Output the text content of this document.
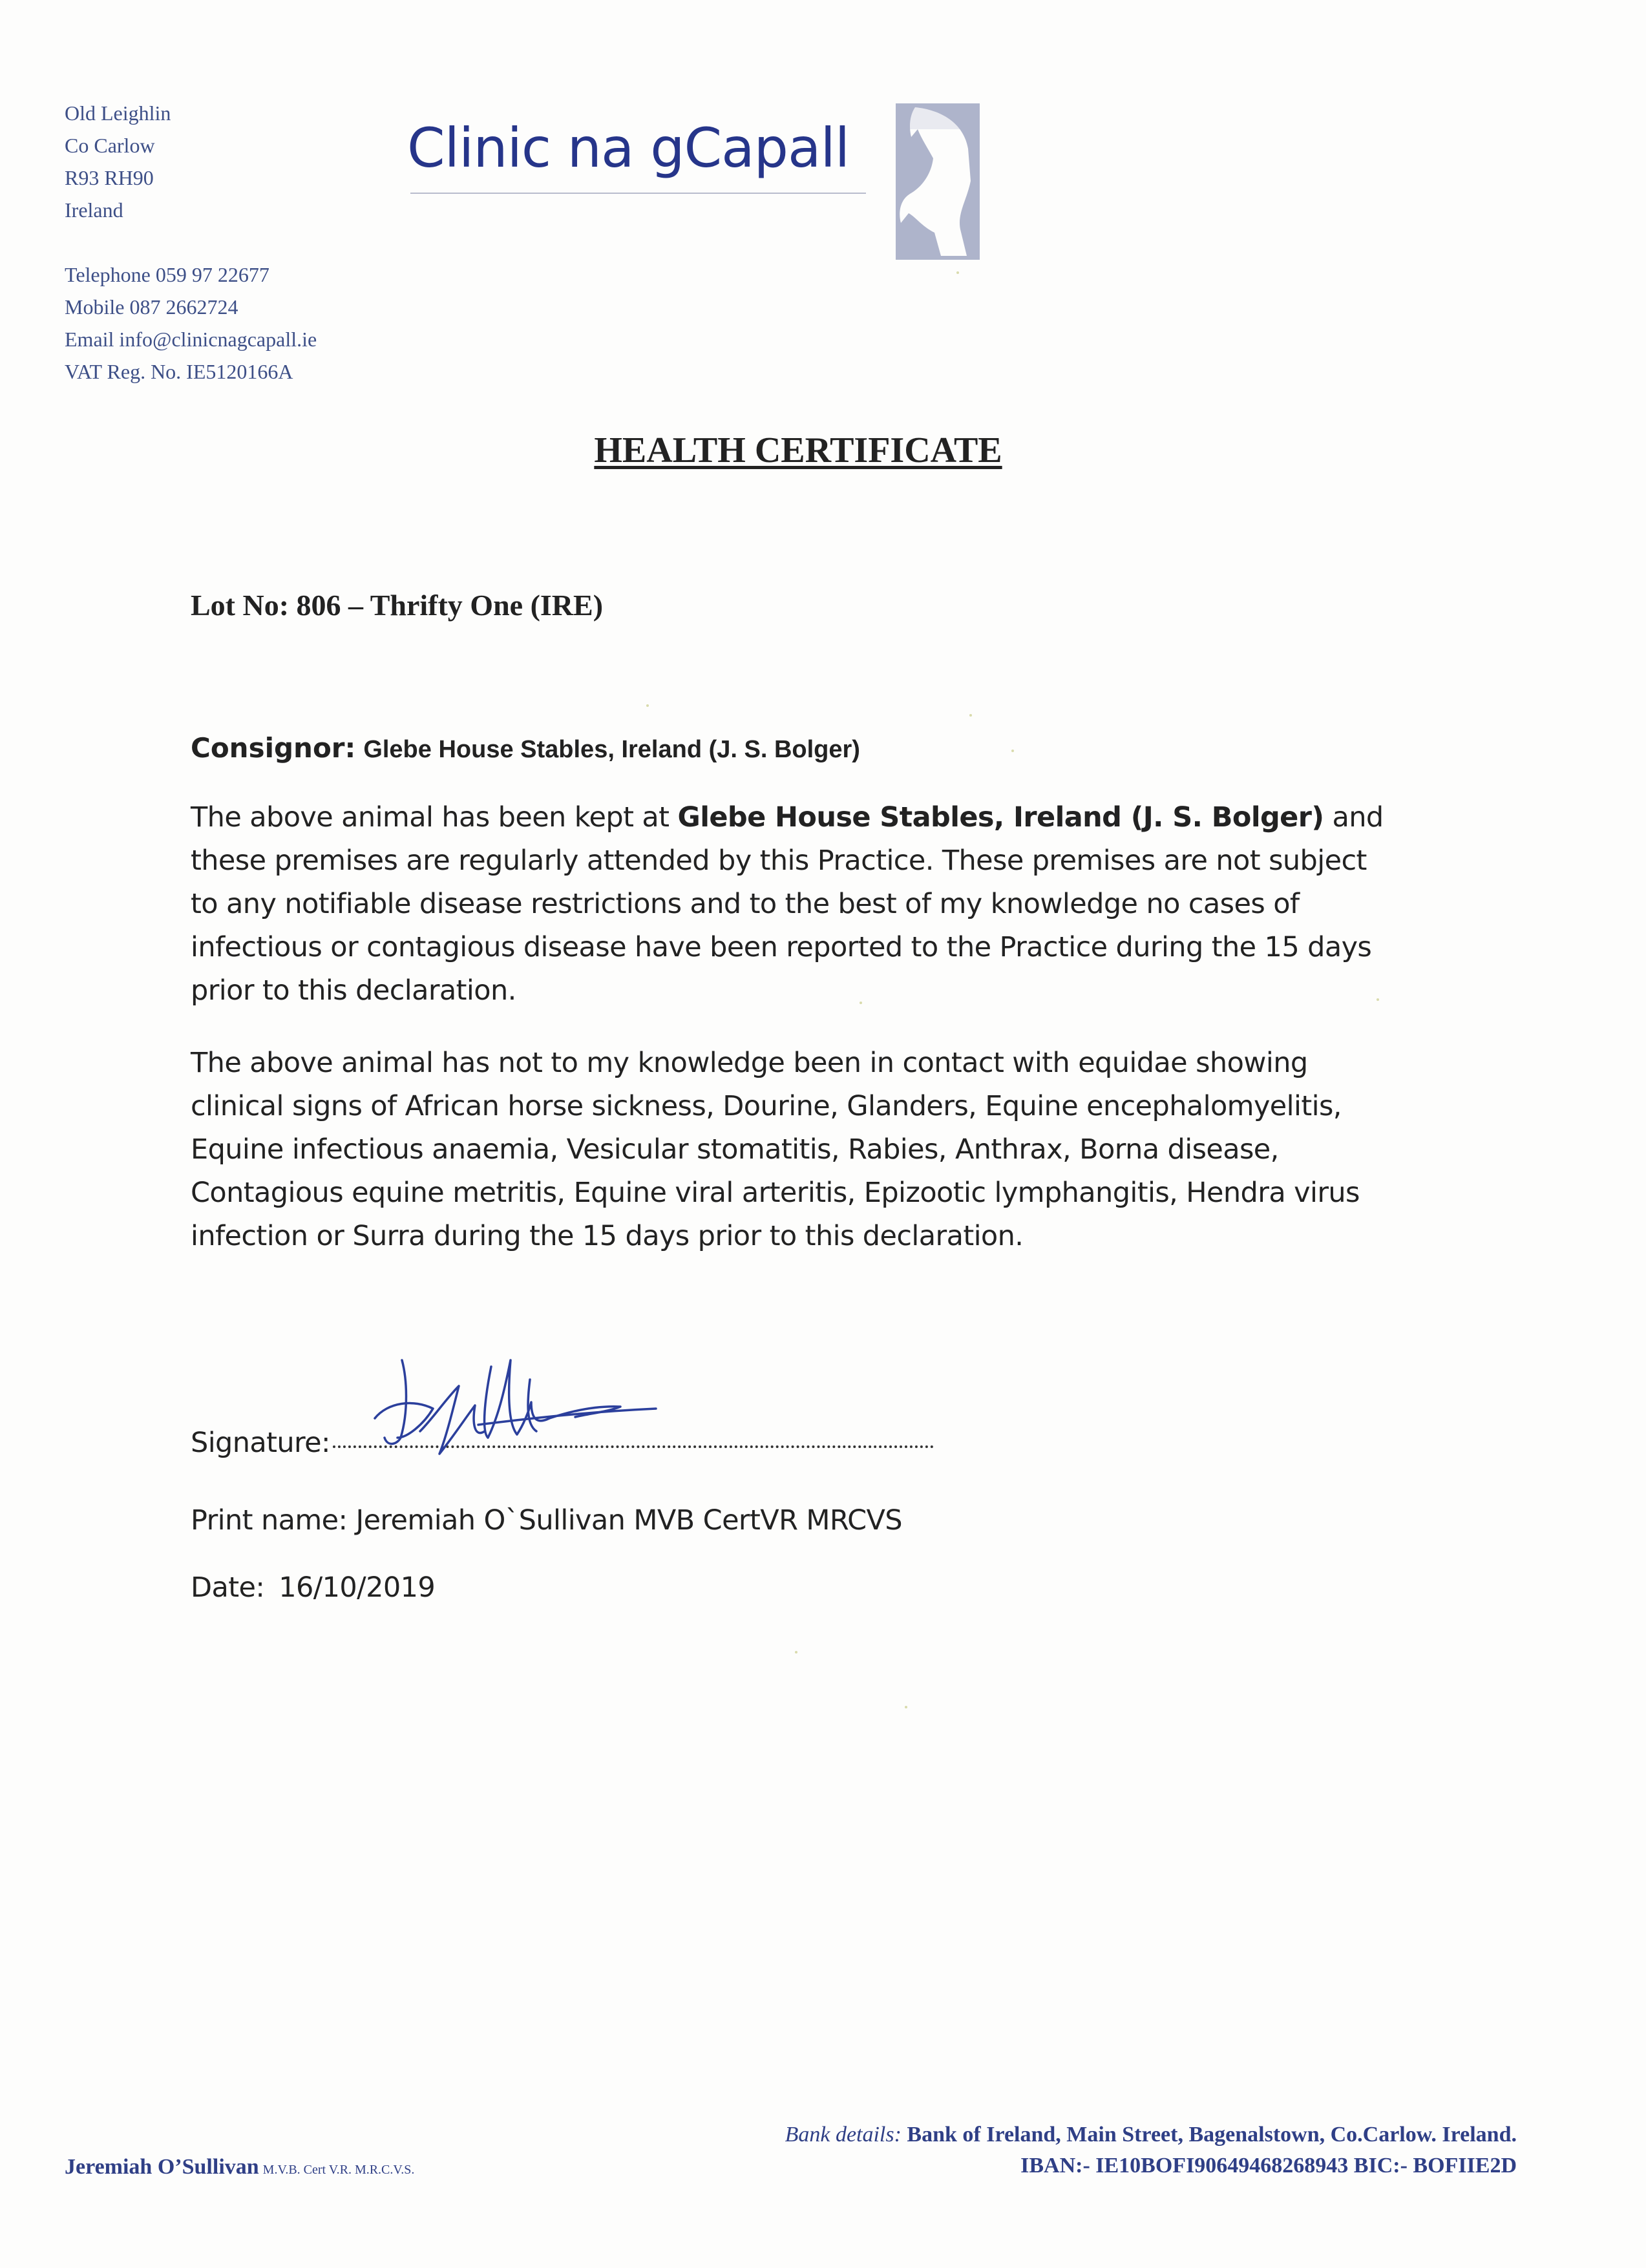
Old Leighlin
Co Carlow
R93 RH90
Ireland
Telephone 059 97 22677
Mobile 087 2662724
Email info@clinicnagcapall.ie
VAT Reg. No. IE5120166A
Clinic na gCapall
HEALTH CERTIFICATE
Lot No: 806 – Thrifty One (IRE)
Consignor: Glebe House Stables, Ireland (J. S. Bolger)
The above animal has been kept at Glebe House Stables, Ireland (J. S. Bolger) and
these premises are regularly attended by this Practice. These premises are not subject
to any notifiable disease restrictions and to the best of my knowledge no cases of
infectious or contagious disease have been reported to the Practice during the 15 days
prior to this declaration.
The above animal has not to my knowledge been in contact with equidae showing
clinical signs of African horse sickness, Dourine, Glanders, Equine encephalomyelitis,
Equine infectious anaemia, Vesicular stomatitis, Rabies, Anthrax, Borna disease,
Contagious equine metritis, Equine viral arteritis, Epizootic lymphangitis, Hendra virus
infection or Surra during the 15 days prior to this declaration.
Signature:
Print name: Jeremiah O`Sullivan MVB CertVR MRCVS
Date: 16/10/2019
Jeremiah O’Sullivan M.V.B. Cert V.R. M.R.C.V.S.
Bank details: Bank of Ireland, Main Street, Bagenalstown, Co.Carlow. Ireland.
IBAN:- IE10BOFI90649468268943 BIC:- BOFIIE2D
